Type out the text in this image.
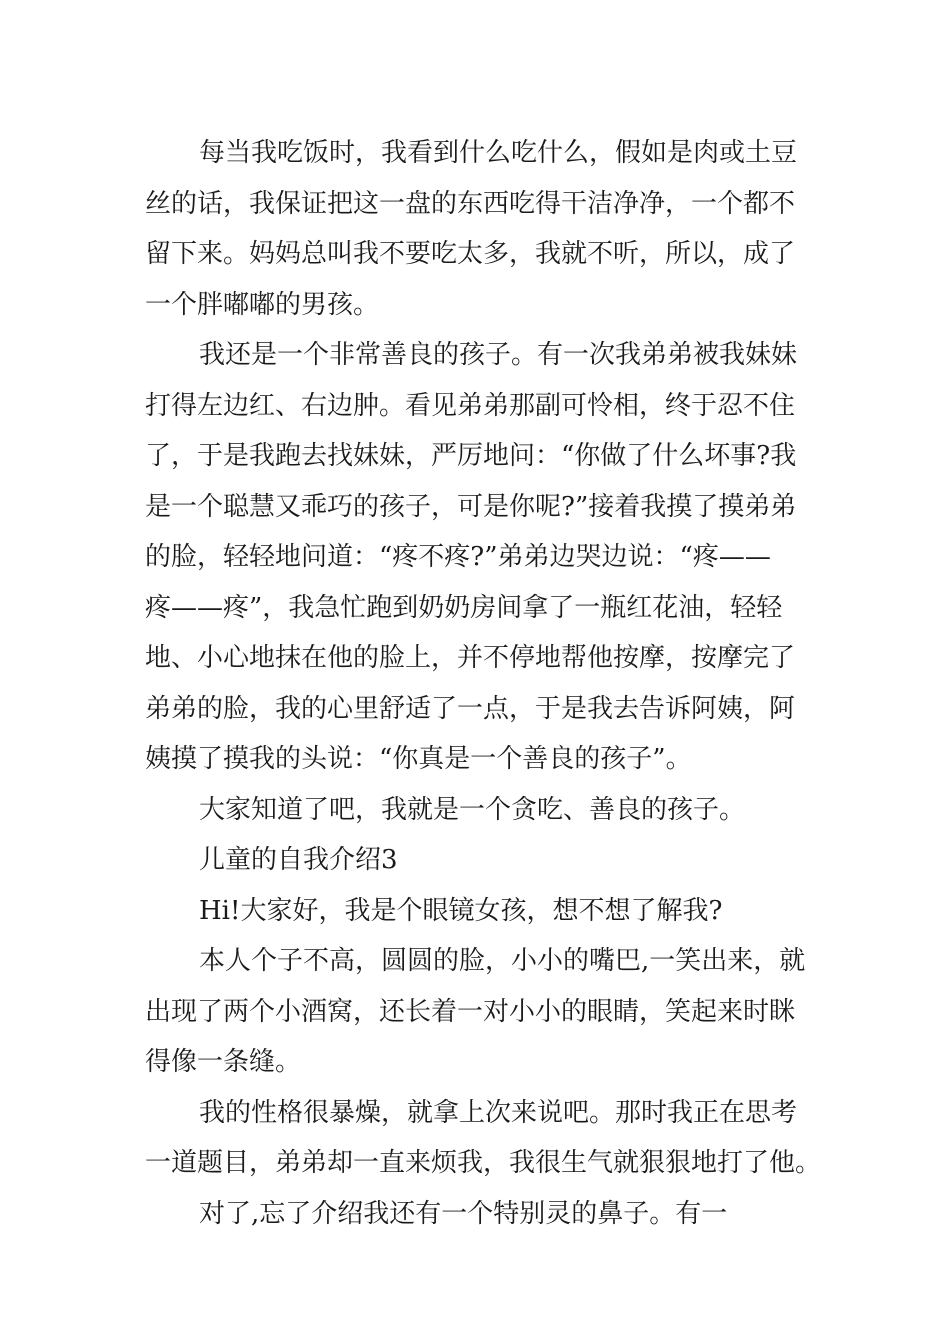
每当我吃饭时，我看到什么吃什么，假如是肉或土豆
丝的话，我保证把这一盘的东西吃得干洁净净，一个都不
留下来。妈妈总叫我不要吃太多，我就不听，所以，成了
一个胖嘟嘟的男孩。
我还是一个非常善良的孩子。有一次我弟弟被我妹妹
打得左边红、右边肿。看见弟弟那副可怜相，终于忍不住
了，于是我跑去找妹妹，严厉地问：“你做了什么坏事?我
是一个聪慧又乖巧的孩子，可是你呢?”接着我摸了摸弟弟
的脸，轻轻地问道：“疼不疼?”弟弟边哭边说：“疼——
疼——疼”，我急忙跑到奶奶房间拿了一瓶红花油，轻轻
地、小心地抹在他的脸上，并不停地帮他按摩，按摩完了
弟弟的脸，我的心里舒适了一点，于是我去告诉阿姨，阿
姨摸了摸我的头说：“你真是一个善良的孩子”。
大家知道了吧，我就是一个贪吃、善良的孩子。
儿童的自我介绍3
Hi!大家好，我是个眼镜女孩，想不想了解我?
本人个子不高，圆圆的脸，小小的嘴巴,一笑出来，就
出现了两个小酒窝，还长着一对小小的眼睛，笑起来时眯
得像一条缝。
我的性格很暴燥，就拿上次来说吧。那时我正在思考
一道题目，弟弟却一直来烦我，我很生气就狠狠地打了他。
对了,忘了介绍我还有一个特别灵的鼻子。有一
